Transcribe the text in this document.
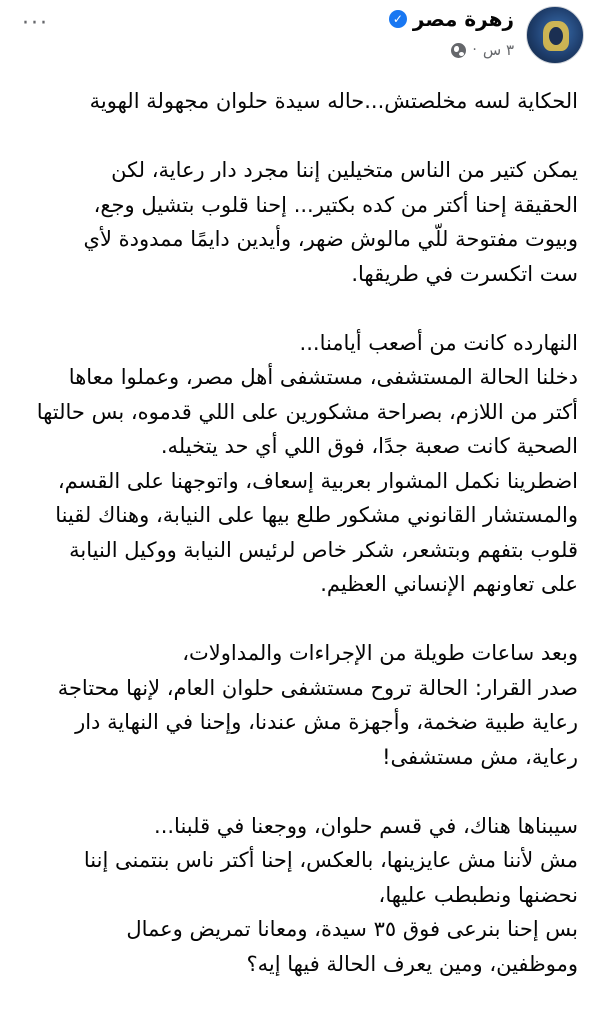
···	زهرة مصر
✓
٣ س
·

الحكاية لسه مخلصتش...حاله سيدة حلوان مجهولة الهوية

يمكن كتير من الناس متخيلين إننا مجرد دار رعاية، لكن
الحقيقة إحنا أكتر من كده بكتير... إحنا قلوب بتشيل وجع،
وبيوت مفتوحة للّي مالوش ضهر، وأيدين دايمًا ممدودة لأي
ست اتكسرت في طريقها.

النهارده كانت من أصعب أيامنا...
دخلنا الحالة المستشفى، مستشفى أهل مصر، وعملوا معاها
أكتر من اللازم، بصراحة مشكورين على اللي قدموه، بس حالتها
الصحية كانت صعبة جدًا، فوق اللي أي حد يتخيله.
اضطرينا نكمل المشوار بعربية إسعاف، واتوجهنا على القسم،
والمستشار القانوني مشكور طلع بيها على النيابة، وهناك لقينا
قلوب بتفهم وبتشعر، شكر خاص لرئيس النيابة ووكيل النيابة
على تعاونهم الإنساني العظيم.

وبعد ساعات طويلة من الإجراءات والمداولات،
صدر القرار: الحالة تروح مستشفى حلوان العام، لإنها محتاجة
رعاية طبية ضخمة، وأجهزة مش عندنا، وإحنا في النهاية دار
رعاية، مش مستشفى!

سيبناها هناك، في قسم حلوان، ووجعنا في قلبنا...
مش لأننا مش عايزينها، بالعكس، إحنا أكتر ناس بنتمنى إننا
نحضنها ونطبطب عليها،
بس إحنا بنرعى فوق ٣٥ سيدة، ومعانا تمريض وعمال
وموظفين، ومين يعرف الحالة فيها إيه؟
